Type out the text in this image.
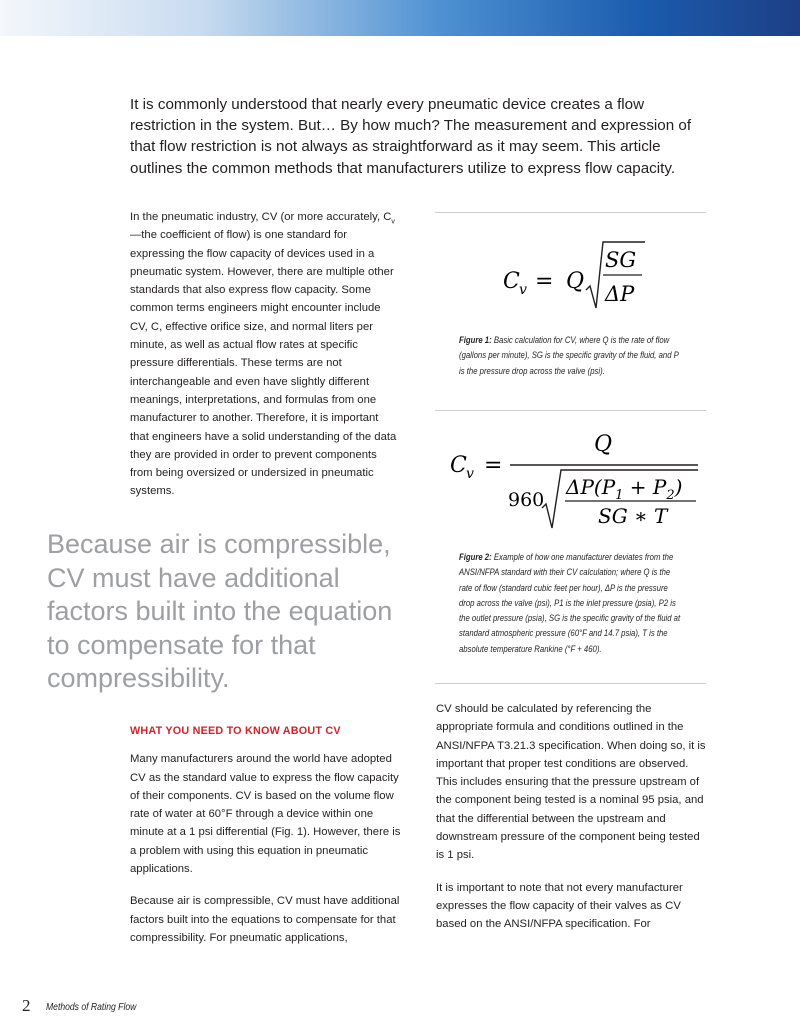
It is commonly understood that nearly every pneumatic device creates a flow restriction in the system. But… By how much? The measurement and expression of that flow restriction is not always as straightforward as it may seem. This article outlines the common methods that manufacturers utilize to express flow capacity.

In the pneumatic industry, CV (or more accurately, $C_v—the$ coefficient of flow) is one standard for expressing the flow capacity of devices used in a pneumatic system. However, there are multiple other standards that also express flow capacity. Some common terms engineers might encounter include CV, C, effective orifice size, and normal liters per minute, as well as actual flow rates at specific pressure differentials. These terms are not interchangeable and even have slightly different meanings, interpretations, and formulas from one manufacturer to another. Therefore, it is important that engineers have a solid understanding of the data they are provided in order to prevent components from being oversized or undersized in pneumatic systems.

Because air is compressible, CV must have additional factors built into the equation to compensate for that compressibility.

WHAT YOU NEED TO KNOW ABOUT CV

Many manufacturers around the world have adopted CV as the standard value to express the flow capacity of their components. CV is based on the volume flow rate of water at 60°F through a device within one minute at a 1 psi differential (Fig. 1). However, there is a problem with using this equation in pneumatic applications.

Because air is compressible, CV must have additional factors built into the equations to compensate for that compressibility. For pneumatic applications,

C v = Q
SG
ΔP

Figure 1: Basic calculation for CV, where Q is the rate of flow (gallons per minute), SG is the specific gravity of the fluid, and P is the pressure drop across the valve (psi).

C v =
Q
960
$\Delta P(P_1 + P_2)$
SG ∗ T

Figure 2: Example of how one manufacturer deviates from the ANSI/NFPA standard with their CV calculation; where Q is the rate of flow (standard cubic feet per hour), ΔP is the pressure drop across the valve (psi), P1 is the inlet pressure (psia), P2 is the outlet pressure (psia), SG is the specific gravity of the fluid at standard atmospheric pressure (60°F and 14.7 psia), T is the absolute temperature Rankine (°F + 460).

CV should be calculated by referencing the appropriate formula and conditions outlined in the ANSI/NFPA T3.21.3 specification. When doing so, it is important that proper test conditions are observed. This includes ensuring that the pressure upstream of the component being tested is a nominal 95 psia, and that the differential between the upstream and downstream pressure of the component being tested is 1 psi.

It is important to note that not every manufacturer expresses the flow capacity of their valves as CV based on the ANSI/NFPA specification. For

2 Methods of Rating Flow
